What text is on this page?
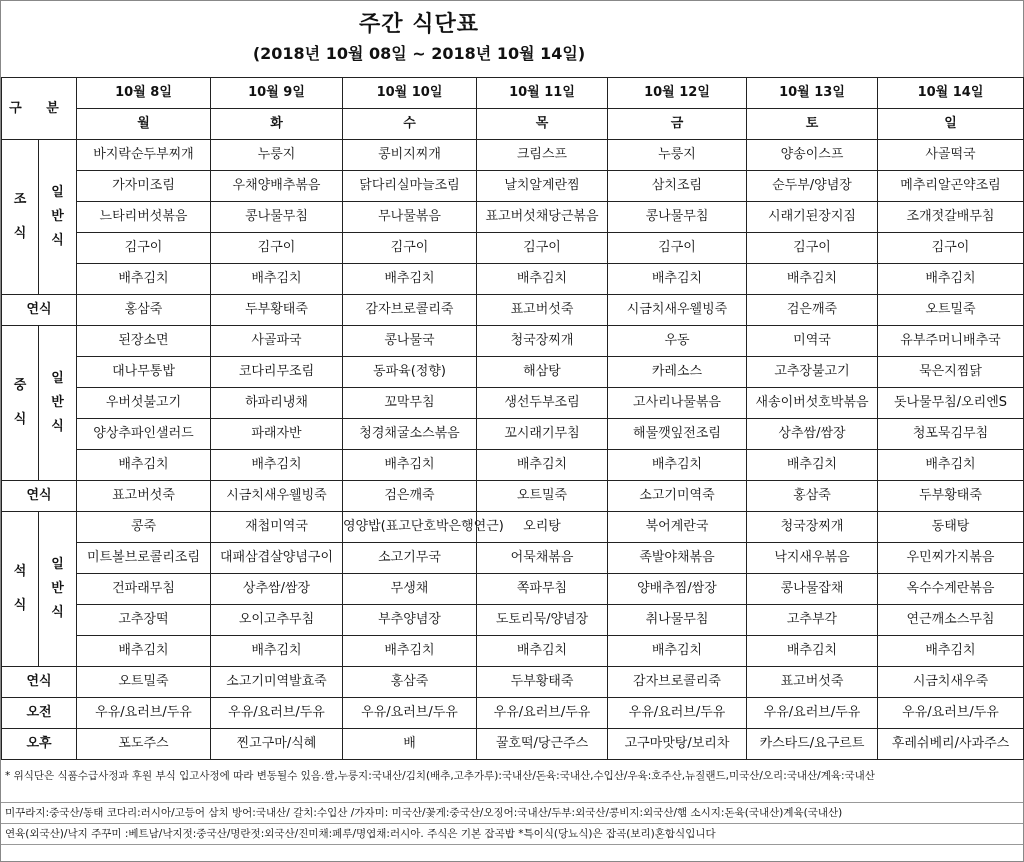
주간 식단표
(2018년 10월 08일 ~ 2018년 10월 14일)
구 분		10월 8일	10월 9일	10월 10일	10월 11일	10월 12일	10월 13일	10월 14일
		월	화	수	목	금	토	일

조
식	일
반
식	바지락순두부찌개	누룽지	콩비지찌개	크림스프	누룽지	양송이스프	사골떡국
		가자미조림	우채양배추볶음	닭다리실마늘조림	날치알계란찜	삼치조림	순두부/양념장	메추리알곤약조림
		느타리버섯볶음	콩나물무침	무나물볶음	표고버섯채당근볶음	콩나물무침	시래기된장지짐	조개젓갈배무침
		김구이	김구이	김구이	김구이	김구이	김구이	김구이
		배추김치	배추김치	배추김치	배추김치	배추김치	배추김치	배추김치
연식		홍삼죽	두부황태죽	감자브로콜리죽	표고버섯죽	시금치새우웰빙죽	검은깨죽	오트밀죽

중
식	일
반
식	된장소면	사골파국	콩나물국	청국장찌개	우동	미역국	유부주머니배추국
		대나무통밥	코다리무조림	동파육(정향)	해삼탕	카레소스	고추장불고기	묵은지찜닭
		우버섯불고기	하파리냉채	꼬막무침	생선두부조림	고사리나물볶음	새송이버섯호박볶음	돗나물무침/오리엔S
		양상추파인샐러드	파래자반	청경채굴소스볶음	꼬시래기무침	해물깻잎전조림	상추쌈/쌈장	청포묵김무침
		배추김치	배추김치	배추김치	배추김치	배추김치	배추김치	배추김치
연식		표고버섯죽	시금치새우웰빙죽	검은깨죽	오트밀죽	소고기미역죽	홍삼죽	두부황태죽

석
식	일
반
식	콩죽	재첩미역국	영양밥(표고단호박은행연근)	오리탕	북어계란국	청국장찌개	동태탕
		미트볼브로콜리조림	대패삼겹살양념구이	소고기무국	어묵채볶음	족발야채볶음	낙지새우볶음	우민찌가지볶음
		건파래무침	상추쌈/쌈장	무생채	쪽파무침	양배추찜/쌈장	콩나물잡채	옥수수계란볶음
		고추장떡	오이고추무침	부추양념장	도토리묵/양념장	취나물무침	고추부각	연근깨소스무침
		배추김치	배추김치	배추김치	배추김치	배추김치	배추김치	배추김치
연식		오트밀죽	소고기미역발효죽	홍삼죽	두부황태죽	감자브로콜리죽	표고버섯죽	시금치새우죽
오전		우유/요러브/두유	우유/요러브/두유	우유/요러브/두유	우유/요러브/두유	우유/요러브/두유	우유/요러브/두유	우유/요러브/두유
오후		포도주스	찐고구마/식혜	배	꿀호떡/당근주스	고구마맛탕/보리차	카스타드/요구르트	후레쉬베리/사과주스
* 위식단은 식품수급사정과 후원 부식 입고사정에 따라 변동될수 있음.쌀,누룽지:국내산/김치(배추,고추가루):국내산/돈육:국내산,수입산/우육:호주산,뉴질랜드,미국산/오리:국내산/계육:국내산
미꾸라지:중국산/동태 코다리:러시아/고등어 삼치 방어:국내산/ 갈치:수입산 /가자미: 미국산/꽃게:중국산/오징어:국내산/두부:외국산/콩비지:외국산/햄 소시지:돈육(국내산)계육(국내산)
연육(외국산)/낙지 주꾸미 :베트남/낙지젓:중국산/명란젓:외국산/진미채:페루/명엽채:러시아. 주식은 기본 잡곡밥 *특이식(당뇨식)은 잡곡(보리)혼합식입니다
